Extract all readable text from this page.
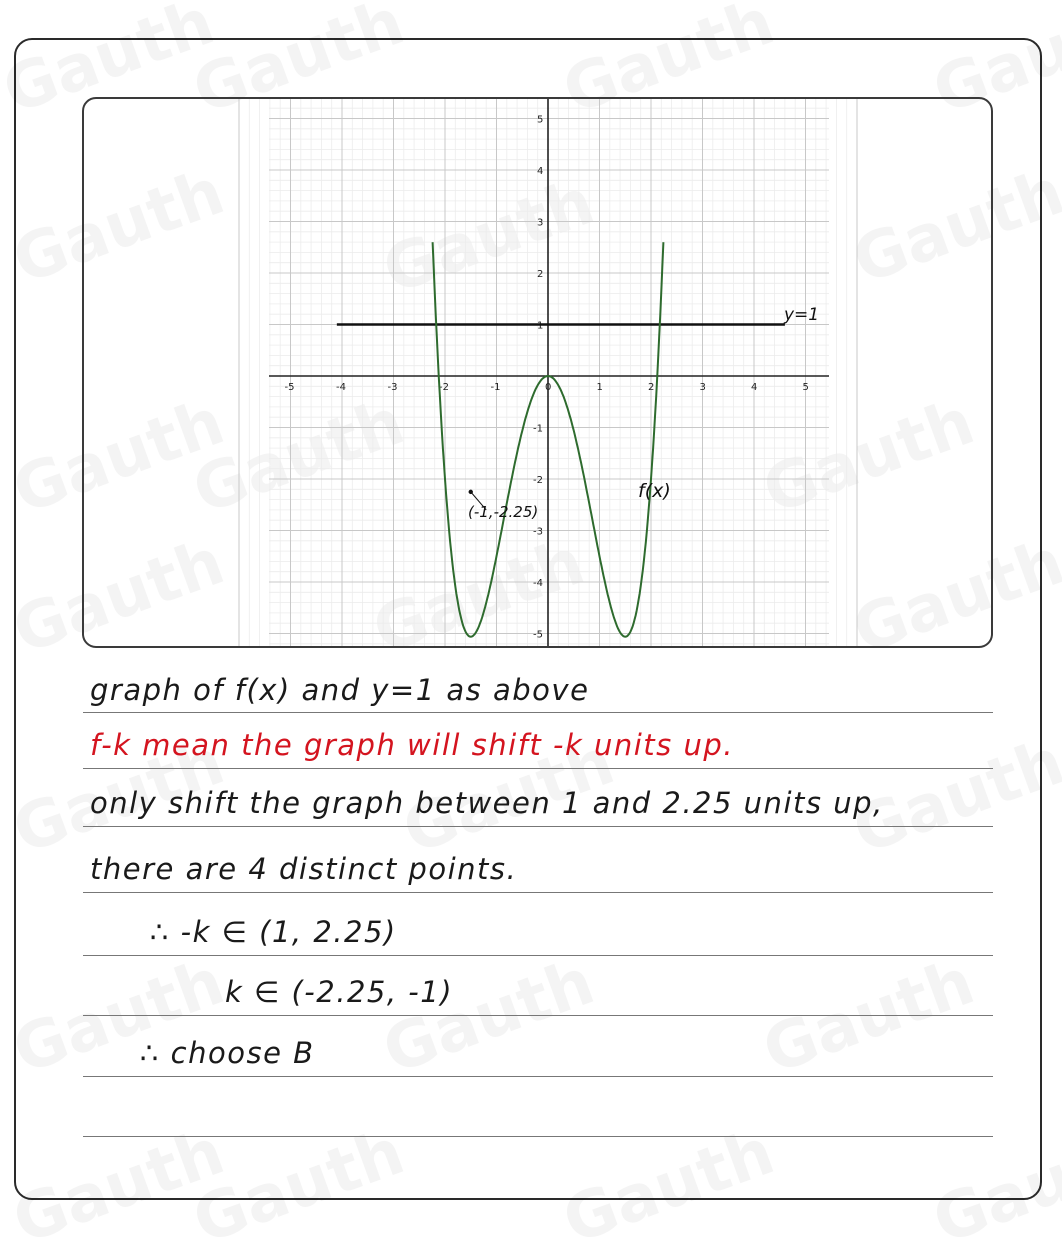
-5	-4	-3	-2	-1	0	1	2	3	4	5
5
4
3
2
1
-1
-2
-3
-4
-5
y=1
f(x)
(-1,-2.25)
graph of f(x) and y=1 as above
f-k mean the graph will shift -k units up.
only shift the graph between 1 and 2.25 units up,
there are 4 distinct points.
∴ -k ∈ (1, 2.25)
k ∈ (-2.25, -1)
∴ choose B
